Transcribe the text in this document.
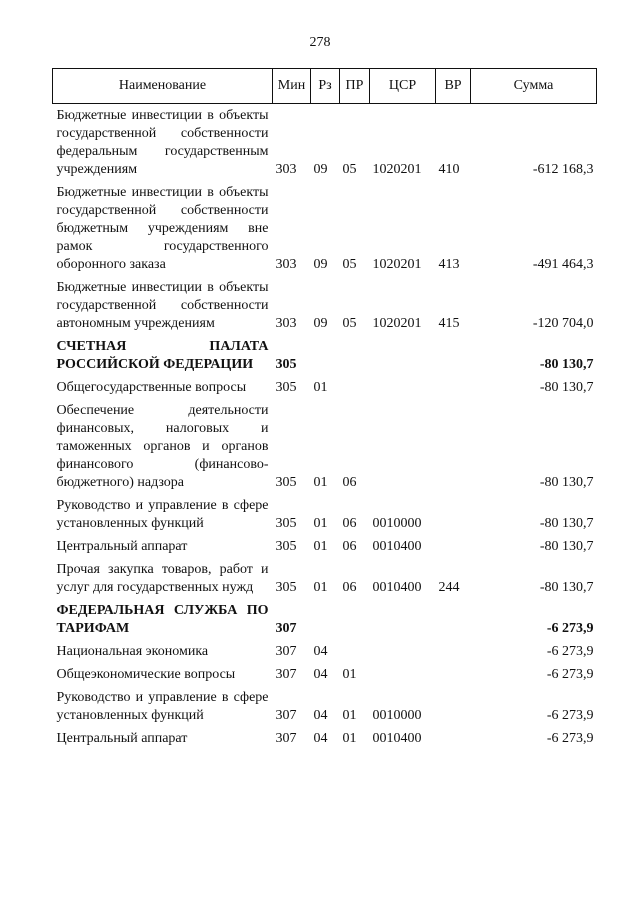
278
Наименование	Мин	Рз	ПР	ЦСР	ВР	Сумма
Бюджетные инвестиции в объекты государственной собственности федеральным государственным учреждениям	303	09	05	1020201	410	-612 168,3
Бюджетные инвестиции в объекты государственной собственности бюджетным учреждениям вне рамок государственного оборонного заказа	303	09	05	1020201	413	-491 464,3
Бюджетные инвестиции в объекты государственной собственности автономным учреждениям	303	09	05	1020201	415	-120 704,0
СЧЕТНАЯ ПАЛАТА РОССИЙСКОЙ ФЕДЕРАЦИИ	305					-80 130,7
Общегосударственные вопросы	305	01				-80 130,7
Обеспечение деятельности финансовых, налоговых и таможенных органов и органов финансового (финансово-бюджетного) надзора	305	01	06			-80 130,7
Руководство и управление в сфере установленных функций	305	01	06	0010000		-80 130,7
Центральный аппарат	305	01	06	0010400		-80 130,7
Прочая закупка товаров, работ и услуг для государственных нужд	305	01	06	0010400	244	-80 130,7
ФЕДЕРАЛЬНАЯ СЛУЖБА ПО ТАРИФАМ	307					-6 273,9
Национальная экономика	307	04				-6 273,9
Общеэкономические вопросы	307	04	01			-6 273,9
Руководство и управление в сфере установленных функций	307	04	01	0010000		-6 273,9
Центральный аппарат	307	04	01	0010400		-6 273,9
